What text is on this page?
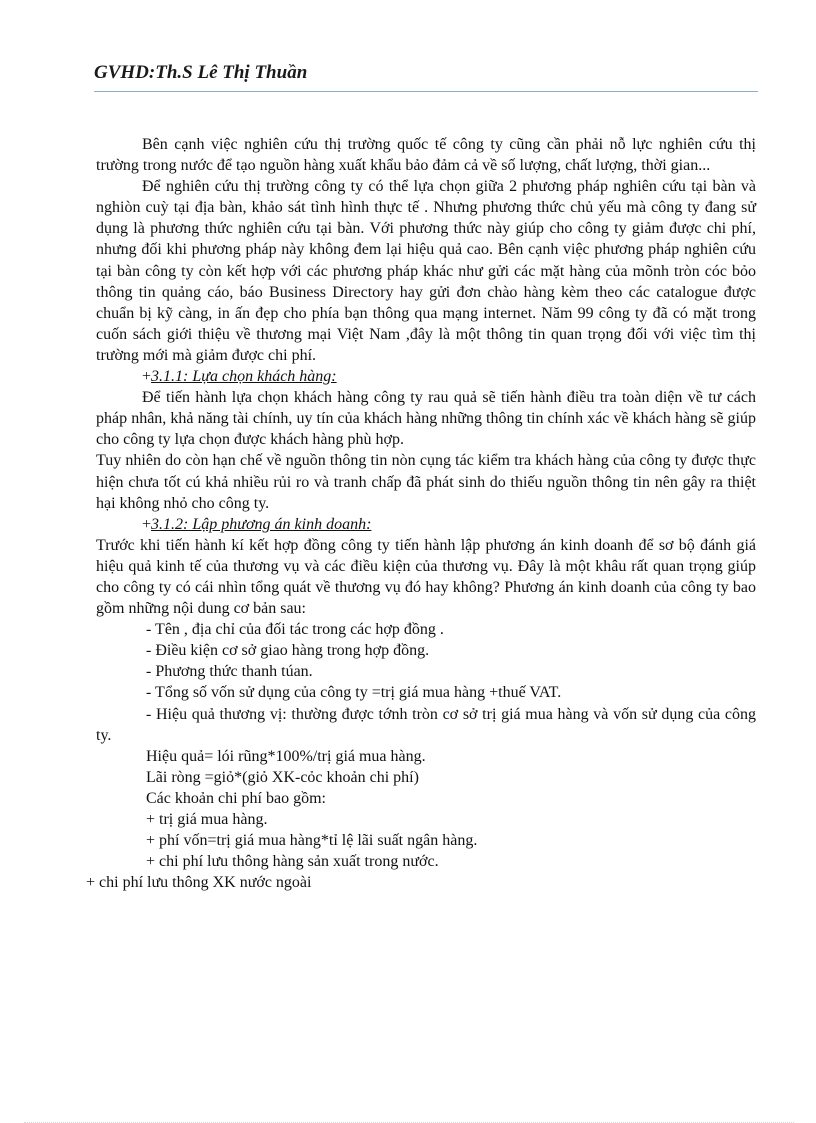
GVHD:Th.S Lê Thị Thuần

Bên cạnh việc nghiên cứu thị trường quốc tế công ty cũng cần phải nỗ lực nghiên cứu thị trường trong nước để tạo nguồn hàng xuất khẩu bảo đảm cả về số lượng, chất lượng, thời gian...

Để nghiên cứu thị trường công ty có thể lựa chọn giữa 2 phương pháp nghiên cứu tại bàn và nghiòn cuỳ tại địa bàn, khảo sát tình hình thực tế . Nhưng phương thức chủ yếu mà công ty đang sử dụng là phương thức nghiên cứu tại bàn. Với phương thức này giúp cho công ty giảm được chi phí, nhưng đối khi phương pháp này không đem lại hiệu quả cao. Bên cạnh việc phương pháp nghiên cứu tại bàn công ty còn kết hợp với các phương pháp khác như gửi các mặt hàng của mõnh tròn cóc bỏo thông tin quảng cáo, báo Business Directory hay gửi đơn chào hàng kèm theo các catalogue được chuẩn bị kỹ càng, in ấn đẹp cho phía bạn thông qua mạng internet. Năm 99 công ty đã có mặt trong cuốn sách giới thiệu về thương mại Việt Nam ,đây là một thông tin quan trọng đối với việc tìm thị trường mới mà giảm được chi phí.

+3.1.1: Lựa chọn khách hàng:

Để tiến hành lựa chọn khách hàng công ty rau quả sẽ tiến hành điều tra toàn diện về tư cách pháp nhân, khả năng tài chính, uy tín của khách hàng những thông tin chính xác về khách hàng sẽ giúp cho công ty lựa chọn được khách hàng phù hợp.

Tuy nhiên do còn hạn chế về nguồn thông tin nòn cụng tác kiểm tra khách hàng của công ty được thực hiện chưa tốt cú khả nhiều rủi ro và tranh chấp đã phát sinh do thiếu nguồn thông tin nên gây ra thiệt hại không nhỏ cho công ty.

+3.1.2: Lập phương án kinh doanh:

Trước khi tiến hành kí kết hợp đồng công ty tiến hành lập phương án kinh doanh để sơ bộ đánh giá hiệu quả kinh tế của thương vụ và các điều kiện của thương vụ. Đây là một khâu rất quan trọng giúp cho công ty có cái nhìn tổng quát về thương vụ đó hay không? Phương án kinh doanh của công ty bao gồm những nội dung cơ bản sau:

- Tên , địa chỉ của đối tác trong các hợp đồng .

- Điều kiện cơ sở giao hàng trong hợp đồng.

- Phương thức thanh túan.

- Tổng số vốn sử dụng của công ty =trị giá mua hàng +thuế VAT.

- Hiệu quả thương vị: thường được tớnh tròn cơ sở trị giá mua hàng và vốn sử dụng của công ty.

Hiệu quả= lói rũng*100%/trị giá mua hàng.

Lãi ròng =giỏ*(giỏ XK-cỏc khoản chi phí)

Các khoản chi phí bao gồm:

+ trị giá mua hàng.

+ phí vốn=trị giá mua hàng*tỉ lệ lãi suất ngân hàng.

+ chi phí lưu thông hàng sản xuất trong nước.

+ chi phí lưu thông XK nước ngoài
